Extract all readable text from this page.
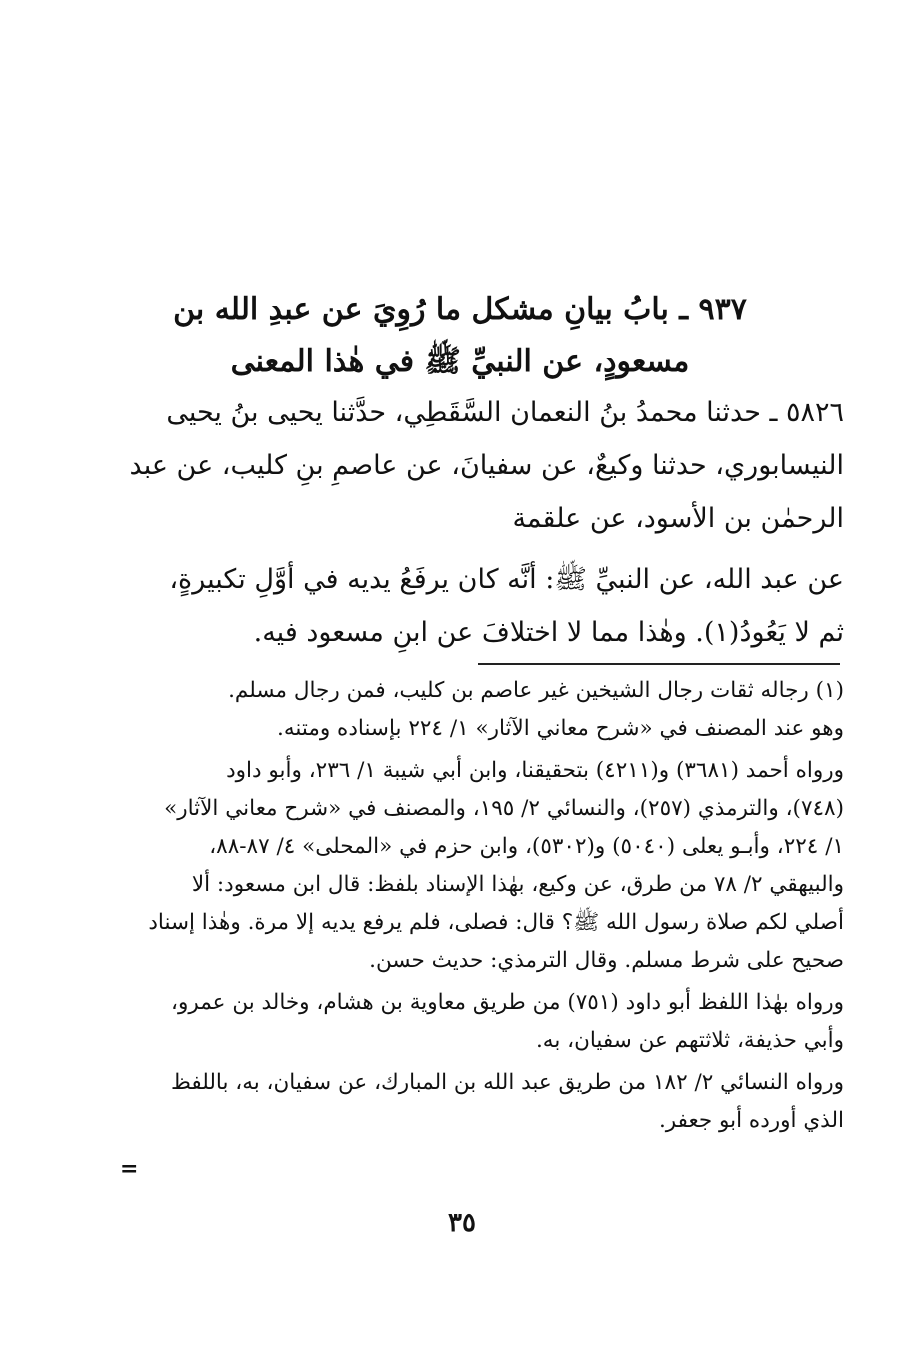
٩٣٧ ـ بابُ بيانِ مشكل ما رُوِيَ عن عبدِ الله بن
مسعودٍ، عن النبيِّ ﷺ في هٰذا المعنى

٥٨٢٦ ـ حدثنا محمدُ بنُ النعمان السَّقَطِي، حدَّثنا يحيى بنُ يحيى
النيسابوري، حدثنا وكيعٌ، عن سفيانَ، عن عاصمِ بنِ كليب، عن عبد
الرحمٰن بن الأسود، عن علقمة

عن عبد الله، عن النبيِّ ﷺ: أنَّه كان يرفَعُ يديه في أوَّلِ تكبيرةٍ،
ثم لا يَعُودُ(١). وهٰذا مما لا اختلافَ عن ابنِ مسعود فيه.

(١) رجاله ثقات رجال الشيخين غير عاصم بن كليب، فمن رجال مسلم.
وهو عند المصنف في «شرح معاني الآثار» ١/ ٢٢٤ بإسناده ومتنه.

ورواه أحمد (٣٦٨١) و(٤٢١١) بتحقيقنا، وابن أبي شيبة ١/ ٢٣٦، وأبو داود
(٧٤٨)، والترمذي (٢٥٧)، والنسائي ٢/ ١٩٥، والمصنف في «شرح معاني الآثار»
١/ ٢٢٤، وأبـو يعلى (٥٠٤٠) و(٥٣٠٢)، وابن حزم في «المحلى» ٤/ ٨٧-٨٨،
والبيهقي ٢/ ٧٨ من طرق، عن وكيع، بهٰذا الإسناد بلفظ: قال ابن مسعود: ألا
أصلي لكم صلاة رسول الله ﷺ؟ قال: فصلى، فلم يرفع يديه إلا مرة. وهٰذا إسناد
صحيح على شرط مسلم. وقال الترمذي: حديث حسن.

ورواه بهٰذا اللفظ أبو داود (٧٥١) من طريق معاوية بن هشام، وخالد بن عمرو،
وأبي حذيفة، ثلاثتهم عن سفيان، به.

ورواه النسائي ٢/ ١٨٢ من طريق عبد الله بن المبارك، عن سفيان، به، باللفظ
الذي أورده أبو جعفر.

=
٣٥
